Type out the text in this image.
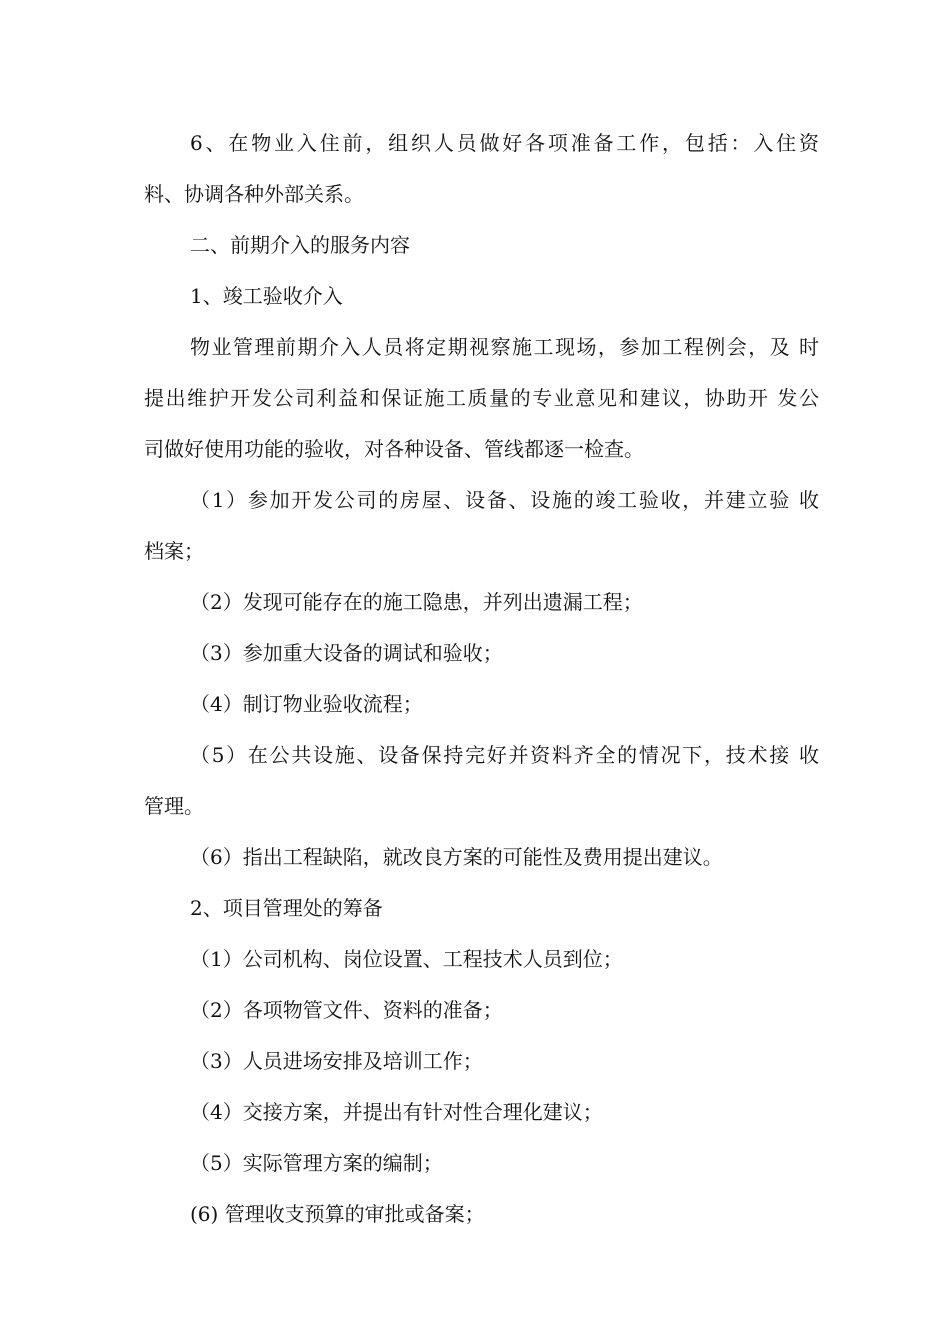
6、在物业入住前，组织人员做好各项准备工作，包括：入住资

料、协调各种外部关系。

二、前期介入的服务内容

1、竣工验收介入

物业管理前期介入人员将定期视察施工现场，参加工程例会，及 时

提出维护开发公司利益和保证施工质量的专业意见和建议，协助开 发公

司做好使用功能的验收，对各种设备、管线都逐一检查。

（1）参加开发公司的房屋、设备、设施的竣工验收，并建立验 收

档案；

（2）发现可能存在的施工隐患，并列出遗漏工程；

（3）参加重大设备的调试和验收；

（4）制订物业验收流程；

（5）在公共设施、设备保持完好并资料齐全的情况下，技术接 收

管理。

（6）指出工程缺陷，就改良方案的可能性及费用提出建议。

2、项目管理处的筹备

（1）公司机构、岗位设置、工程技术人员到位；

（2）各项物管文件、资料的准备；

（3）人员进场安排及培训工作；

（4）交接方案，并提出有针对性合理化建议；

（5）实际管理方案的编制；

(6) 管理收支预算的审批或备案；
